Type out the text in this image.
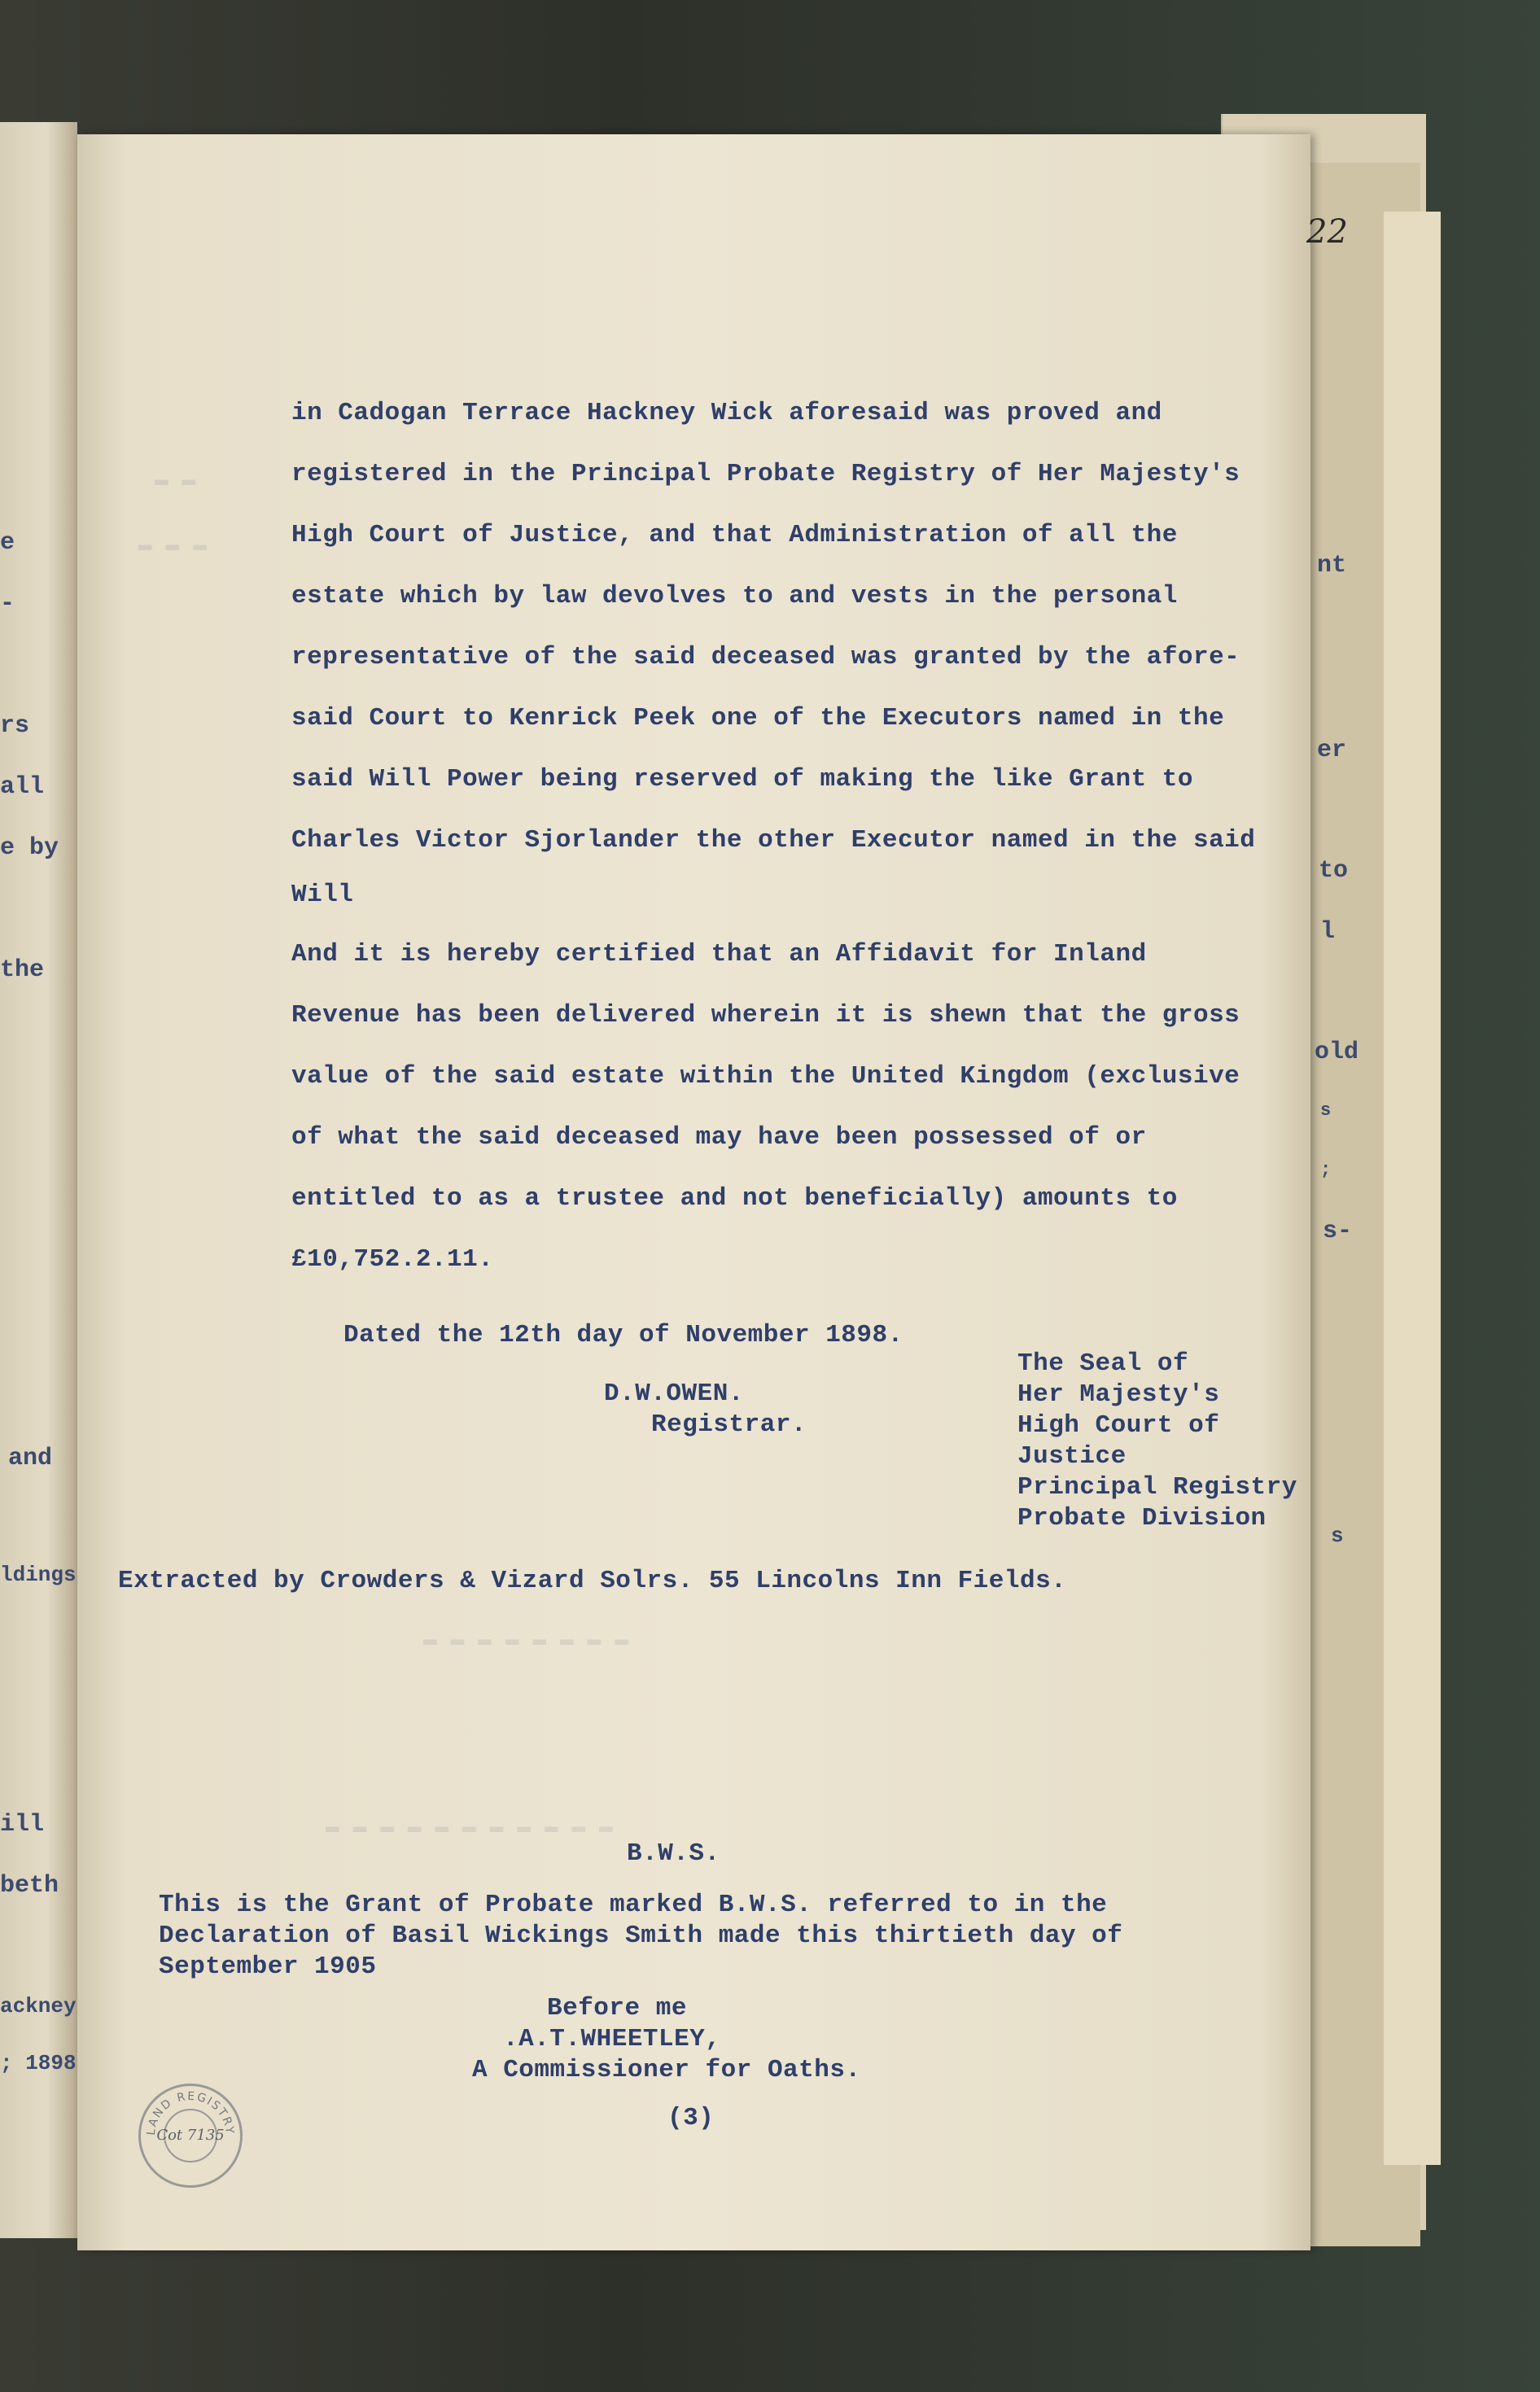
e
-
rs
all
e by
the
and
ldings
ill
beth
ackney
; 1898
nt
er
to
l
old
s
;
s-
s
▬ ▬
▬ ▬ ▬
▬ ▬ ▬ ▬ ▬ ▬ ▬ ▬
▬ ▬ ▬ ▬ ▬ ▬ ▬ ▬ ▬ ▬ ▬
22
in Cadogan Terrace Hackney Wick aforesaid was proved and
registered in the Principal Probate Registry of Her Majesty's
High Court of Justice, and that Administration of all the
estate which by law devolves to and vests in the personal
representative of the said deceased was granted by the afore-
said Court to Kenrick Peek one of the Executors named in the
said Will Power being reserved of making the like Grant to
Charles Victor Sjorlander the other Executor named in the said
Will
And it is hereby certified that an Affidavit for Inland
Revenue has been delivered wherein it is shewn that the gross
value of the said estate within the United Kingdom (exclusive
of what the said deceased may have been possessed of or
entitled to as a trustee and not beneficially) amounts to
£10,752.2.11.
Dated the 12th day of November 1898.
D.W.OWEN.
Registrar.
The Seal of
Her Majesty's
High Court of
Justice
Principal Registry
Probate Division
Extracted by Crowders & Vizard Solrs. 55 Lincolns Inn Fields.
B.W.S.
This is the Grant of Probate marked B.W.S. referred to in the
Declaration of Basil Wickings Smith made this thirtieth day of
September 1905
Before me
.A.T.WHEETLEY,
A Commissioner for Oaths.
(3)
LAND REGISTRY
Cot 7135
